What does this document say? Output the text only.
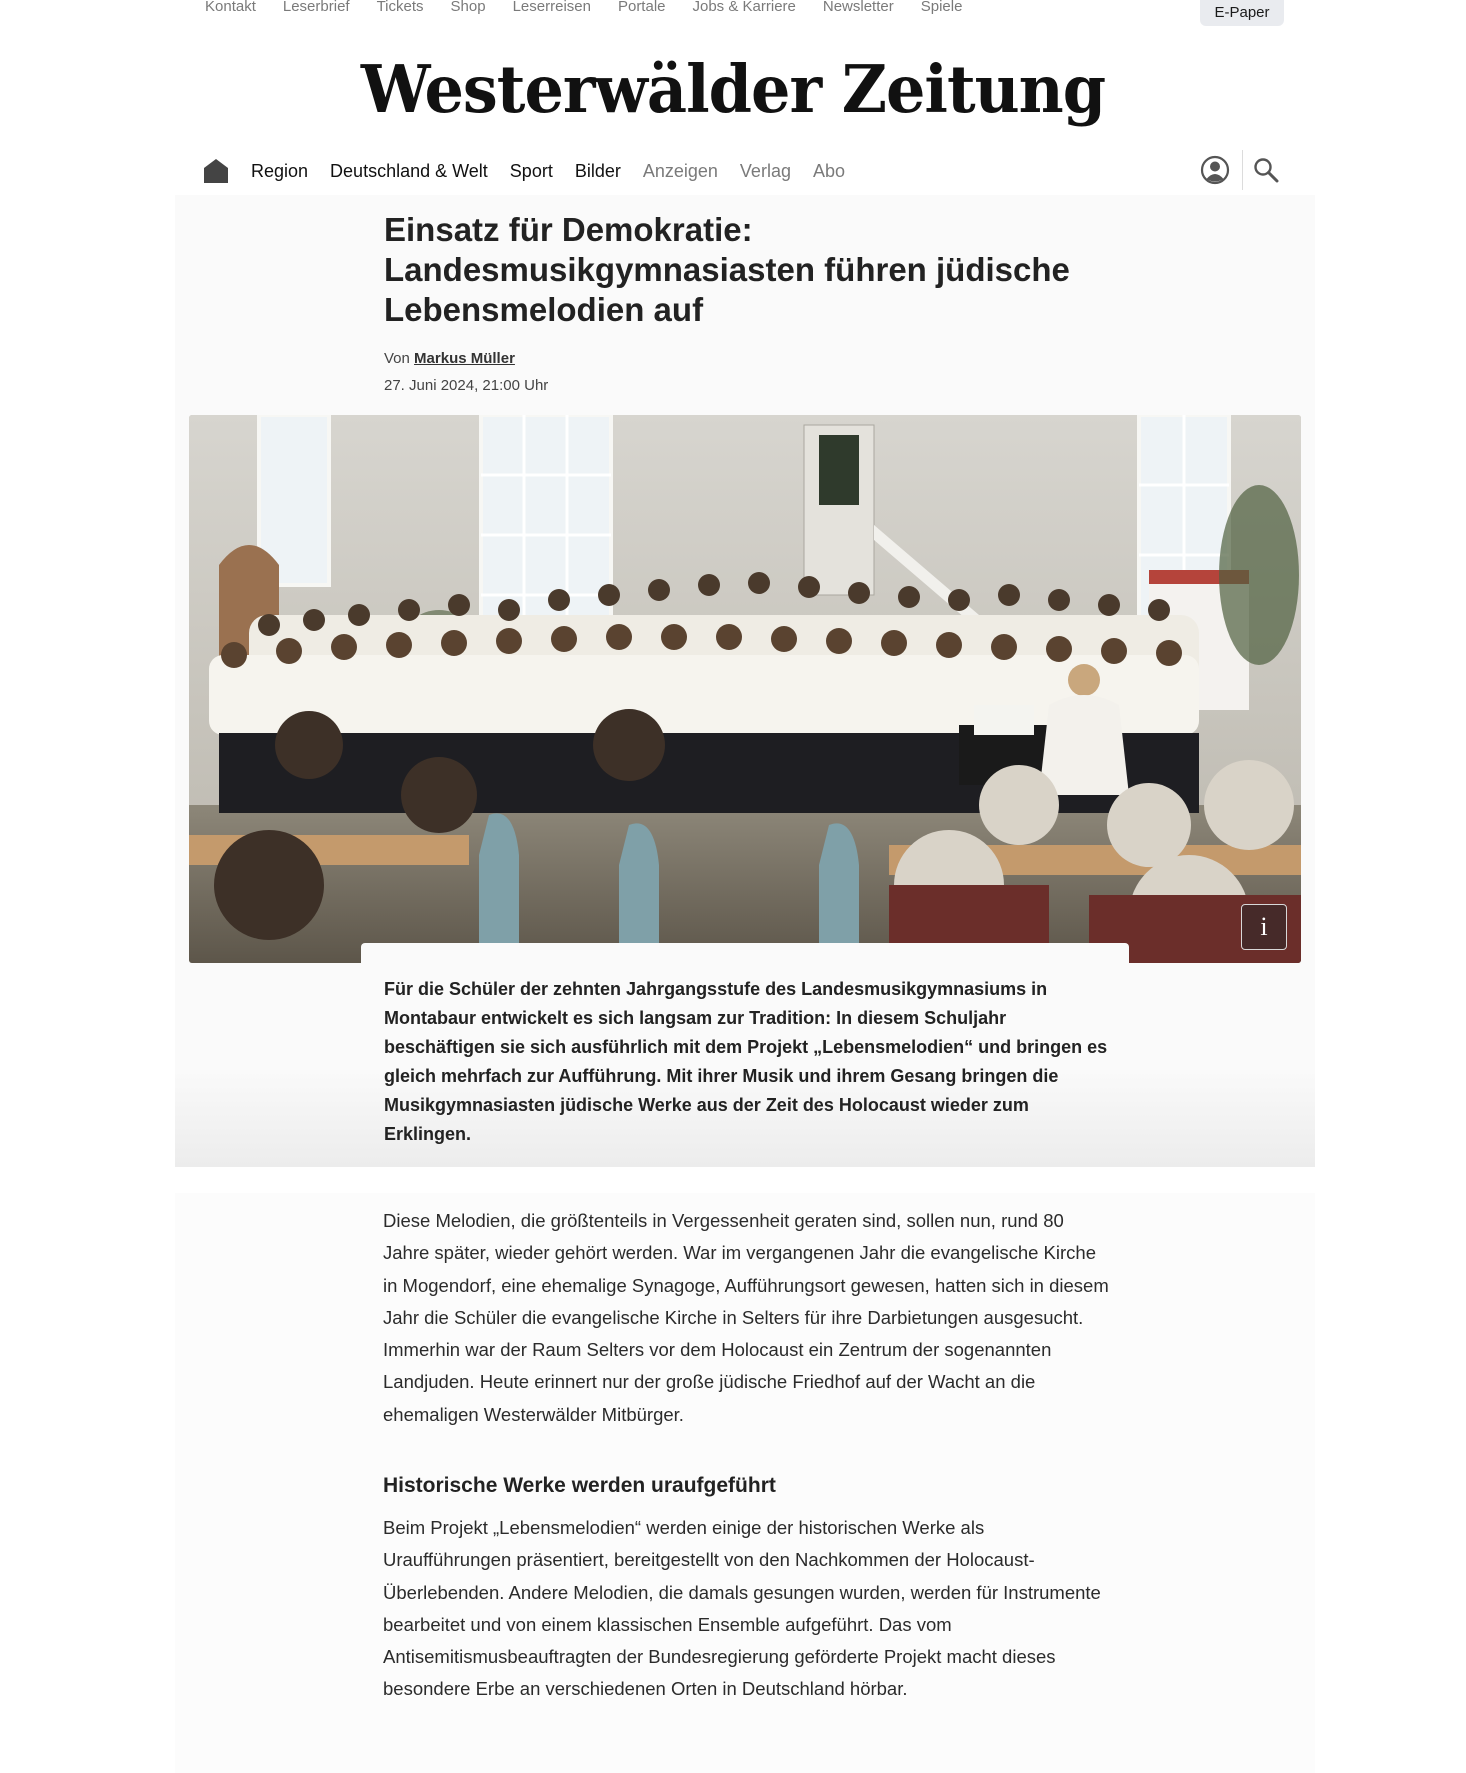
Kontakt Leserbrief Tickets Shop Leserreisen Portale Jobs & Karriere Newsletter Spiele	E-Paper
Westerwälder Zeitung
Region Deutschland & Welt Sport Bilder Anzeigen Verlag Abo
Einsatz für Demokratie: Landesmusikgymnasiasten führen jüdische Lebensmelodien auf
Von Markus Müller
27. Juni 2024, 21:00 Uhr
i

Für die Schüler der zehnten Jahrgangsstufe des Landesmusikgymnasiums in Montabaur entwickelt es sich langsam zur Tradition: In diesem Schuljahr beschäftigen sie sich ausführlich mit dem Projekt „Lebensmelodien“ und bringen es gleich mehrfach zur Aufführung. Mit ihrer Musik und ihrem Gesang bringen die Musikgymnasiasten jüdische Werke aus der Zeit des Holocaust wieder zum Erklingen.

Diese Melodien, die größtenteils in Vergessenheit geraten sind, sollen nun, rund 80 Jahre später, wieder gehört werden. War im vergangenen Jahr die evangelische Kirche in Mogendorf, eine ehemalige Synagoge, Aufführungsort gewesen, hatten sich in diesem Jahr die Schüler die evangelische Kirche in Selters für ihre Darbietungen ausgesucht. Immerhin war der Raum Selters vor dem Holocaust ein Zentrum der sogenannten Landjuden. Heute erinnert nur der große jüdische Friedhof auf der Wacht an die ehemaligen Westerwälder Mitbürger.

Historische Werke werden uraufgeführt

Beim Projekt „Lebensmelodien“ werden einige der historischen Werke als Uraufführungen präsentiert, bereitgestellt von den Nachkommen der Holocaust-Überlebenden. Andere Melodien, die damals gesungen wurden, werden für Instrumente bearbeitet und von einem klassischen Ensemble aufgeführt. Das vom Antisemitismusbeauftragten der Bundesregierung geförderte Projekt macht dieses besondere Erbe an verschiedenen Orten in Deutschland hörbar.
